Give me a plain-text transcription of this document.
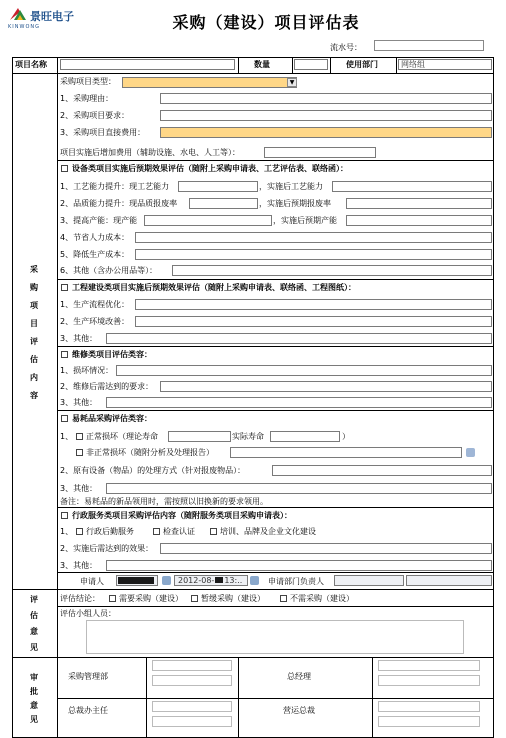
景旺电子
KINWONG	采购（建设）项目评估表
流水号：
项目名称	数量	使用部门	网络组
采
购
项
目
评
估
内
容
采购项目类型：	▼
1、采购理由：
2、采购项目要求：
3、采购项目直接费用：
项目实施后增加费用（辅助设施、水电、人工等）：
设备类项目实施后预期效果评估（随附上采购申请表、工艺评估表、联络函）：
1、工艺能力提升：现工艺能力	，实施后工艺能力
2、品质能力提升：现品质报废率	，实施后预期报废率
3、提高产能：现产能	，实施后预期产能
4、节省人力成本：
5、降低生产成本：
6、其他（含办公用品等）：
工程建设类项目实施后预期效果评估（随附上采购申请表、联络函、工程图纸）：
1、生产流程优化：
2、生产环境改善：
3、其他：
维修类项目评估类容：
1、损坏情况：
2、维修后需达到的要求：
3、其他：
易耗品采购评估类容：
1、 正常损坏（理论寿命	实际寿命	）
非正常损坏（随附分析及处理报告）
2、原有设备（物品）的处理方式（针对报废物品）：
3、其他：
备注：易耗品的新品领用时，需按照以旧换新的要求领用。
行政服务类项目采购评估内容（随附服务类项目采购申请表）：
1、 行政后勤服务	检查认证	培训、品牌及企业文化建设
2、实施后需达到的效果：
3、其他：
申请人	2012-08- 13:..	申请部门负责人
评
估
意
见
评估结论： 需要采购（建设） 暂缓采购（建设）	不需采购（建设）
评估小组人员：
审
批
意
见
采购管理部	总经理
总裁办主任	营运总裁
